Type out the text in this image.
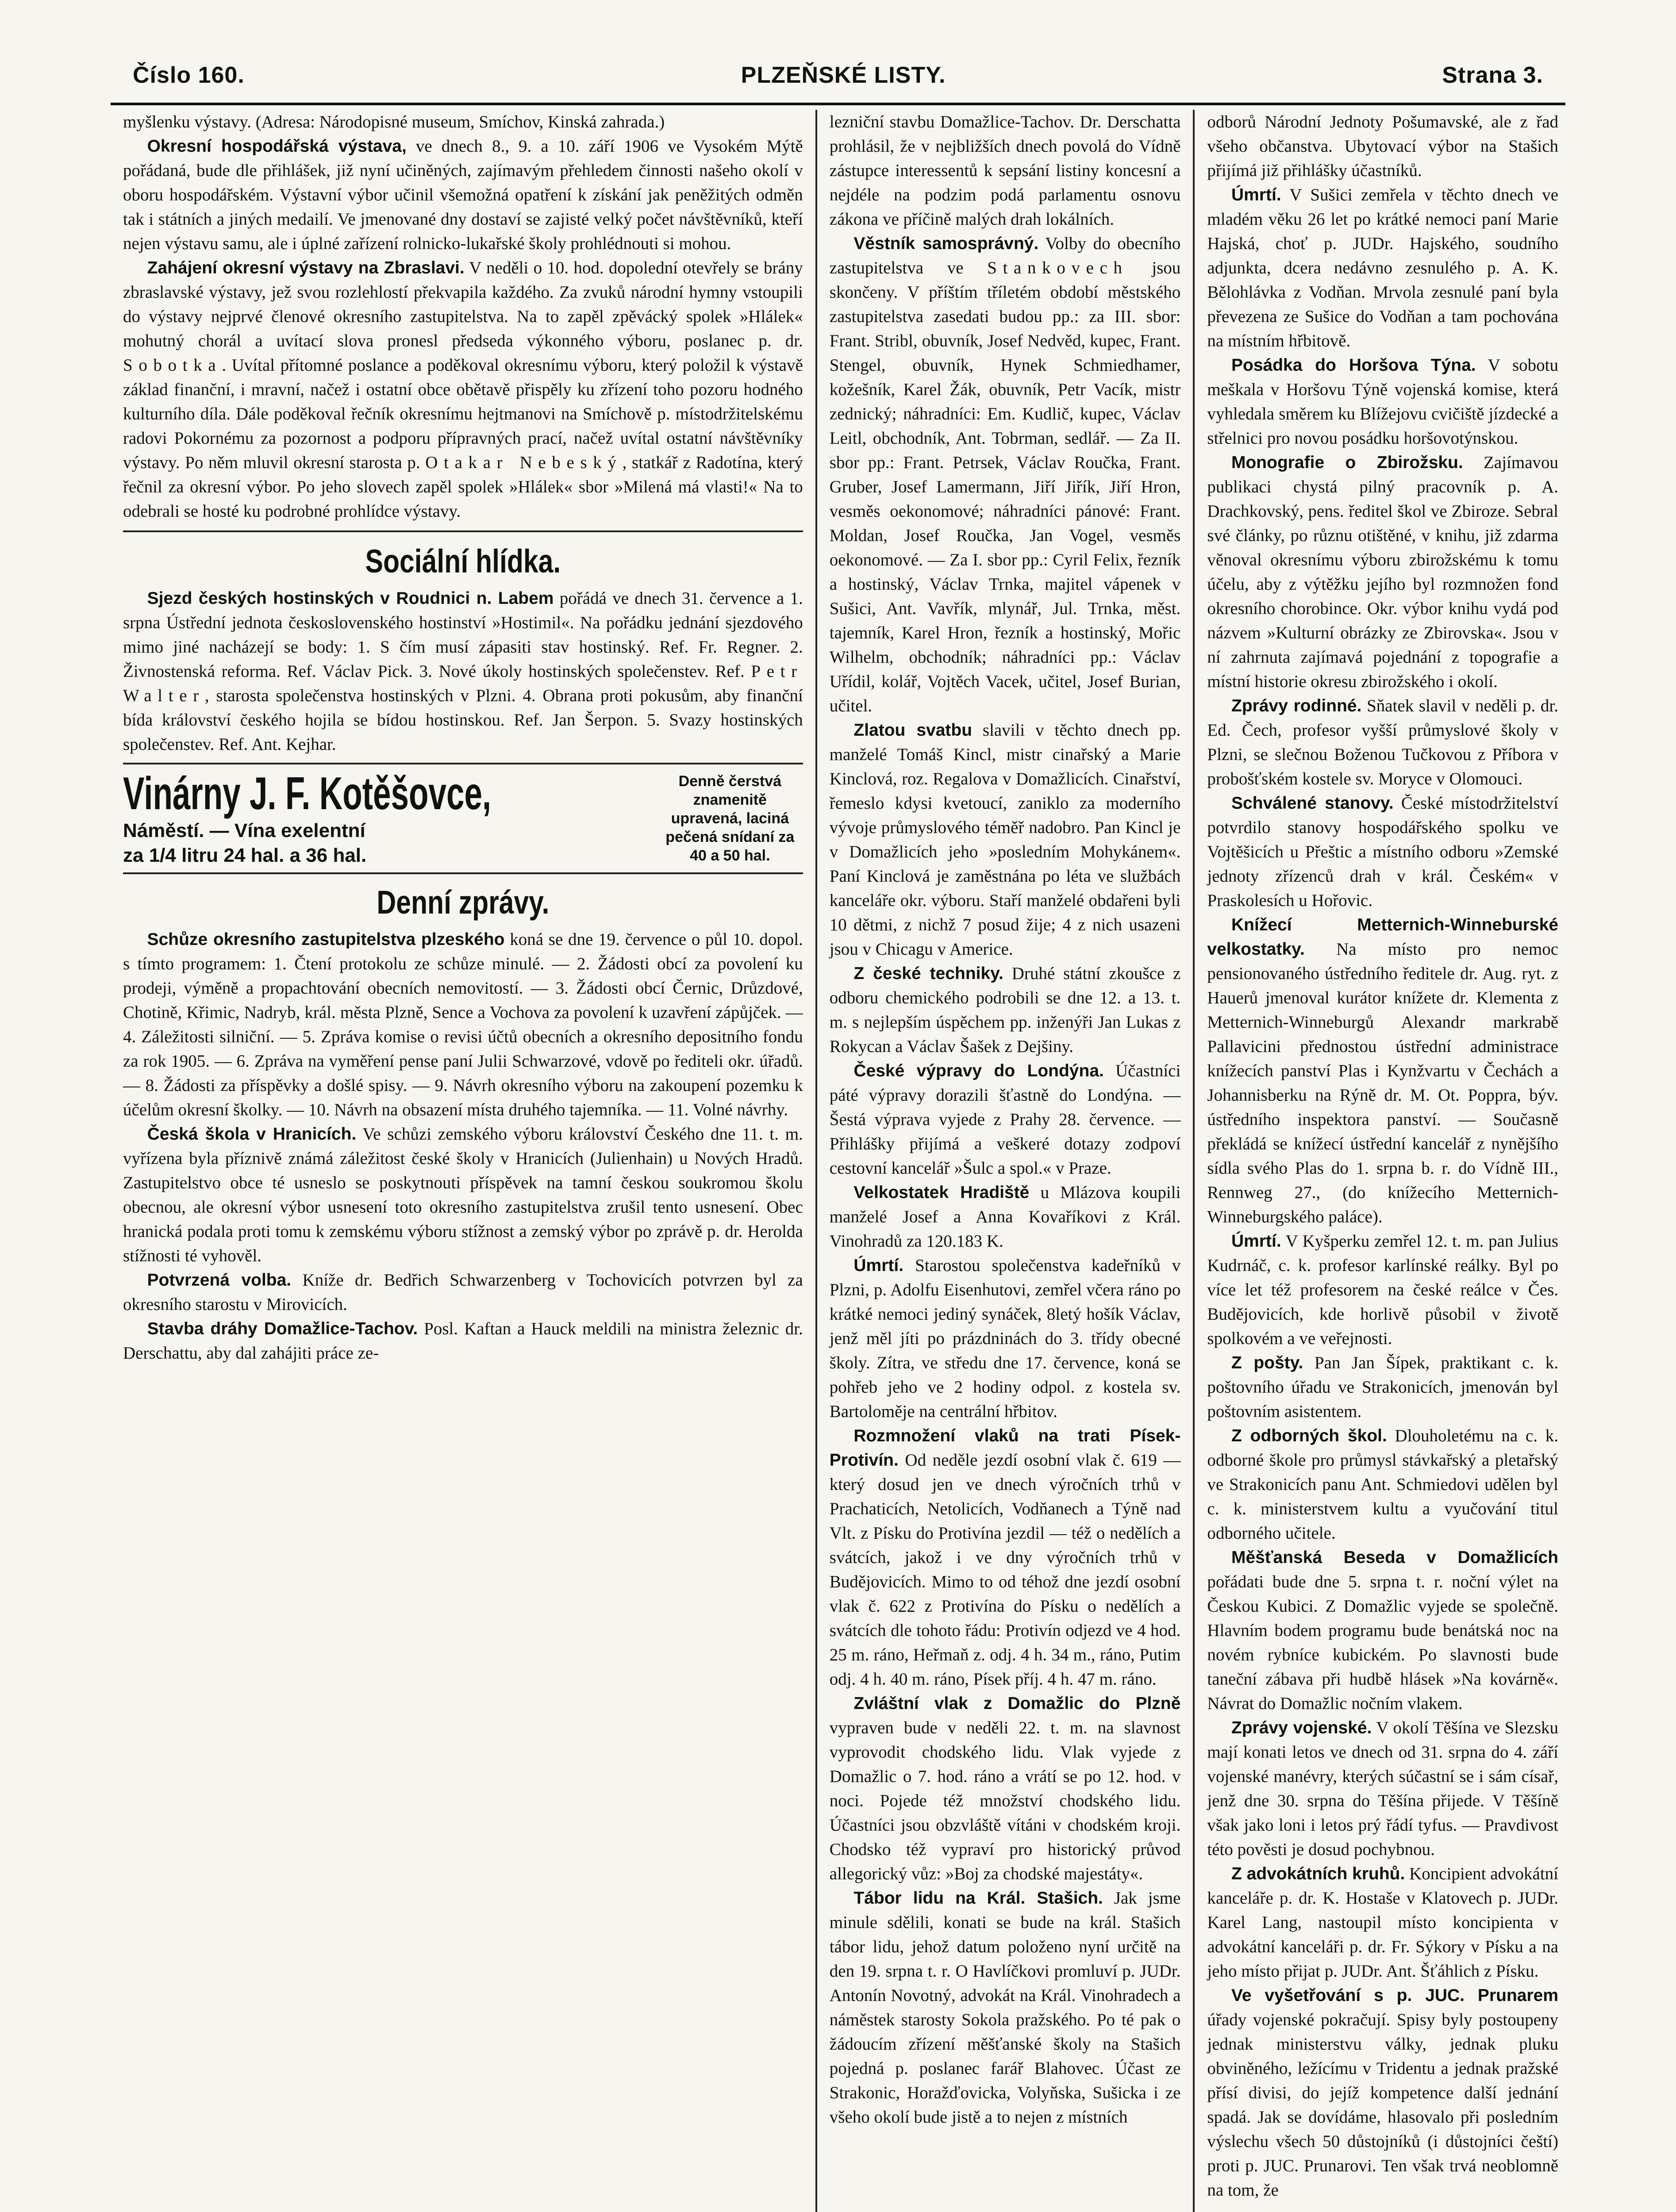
Číslo 160.	PLZEŇSKÉ LISTY.	Strana 3.

myšlenku výstavy. (Adresa: Národopisné museum, Smíchov, Kinská zahrada.)

Okresní hospodářská výstava, ve dnech 8., 9. a 10. září 1906 ve Vysokém Mýtě pořádaná, bude dle přihlášek, již nyní učiněných, zajímavým přehledem činnosti našeho okolí v oboru hospodářském. Výstavní výbor učinil všemožná opatření k získání jak peněžitých odměn tak i státních a jiných medailí. Ve jmenované dny dostaví se zajisté velký počet návštěvníků, kteří nejen výstavu samu, ale i úplné zařízení rolnicko-lukařské školy prohlédnouti si mohou.

Zahájení okresní výstavy na Zbraslavi. V neděli o 10. hod. dopolední otevřely se brány zbraslavské výstavy, jež svou rozlehlostí překvapila každého. Za zvuků národní hymny vstoupili do výstavy nejprvé členové okresního zastupitelstva. Na to zapěl zpěvácký spolek »Hlálek« mohutný chorál a uvítací slova pronesl předseda výkonného výboru, poslanec p. dr. Sobotka. Uvítal přítomné poslance a poděkoval okresnímu výboru, který položil k výstavě základ finanční, i mravní, načež i ostatní obce obětavě přispěly ku zřízení toho pozoru hodného kulturního díla. Dále poděkoval řečník okresnímu hejtmanovi na Smíchově p. místodržitelskému radovi Pokornému za pozornost a podporu přípravných prací, načež uvítal ostatní návštěvníky výstavy. Po něm mluvil okresní starosta p. Otakar Nebeský, statkář z Radotína, který řečnil za okresní výbor. Po jeho slovech zapěl spolek »Hlálek« sbor »Milená má vlasti!« Na to odebrali se hosté ku podrobné prohlídce výstavy.

Sociální hlídka.

Sjezd českých hostinských v Roudnici n. Labem pořádá ve dnech 31. července a 1. srpna Ústřední jednota československého hostinství »Hostimil«. Na pořádku jednání sjezdového mimo jiné nacházejí se body: 1. S čím musí zápasiti stav hostinský. Ref. Fr. Regner. 2. Živnostenská reforma. Ref. Václav Pick. 3. Nové úkoly hostinských společenstev. Ref. Petr Walter, starosta společenstva hostinských v Plzni. 4. Obrana proti pokusům, aby finanční bída království českého hojila se bídou hostinskou. Ref. Jan Šerpon. 5. Svazy hostinských společenstev. Ref. Ant. Kejhar.

Vinárny J. F. Kotěšovce,
Náměstí. — Vína exelentní
za 1/4 litru 24 hal. a 36 hal.
Denně čerstvá znamenitě upravená, laciná pečená snídaní za 40 a 50 hal.
Denní zprávy.

Schůze okresního zastupitelstva plzeského koná se dne 19. července o půl 10. dopol. s tímto programem: 1. Čtení protokolu ze schůze minulé. — 2. Žádosti obcí za povolení ku prodeji, výměně a propachtování obecních nemovitostí. — 3. Žádosti obcí Černic, Drůzdové, Chotině, Křimic, Nadryb, král. města Plzně, Sence a Vochova za povolení k uzavření zápůjček. — 4. Záležitosti silniční. — 5. Zpráva komise o revisi účtů obecních a okresního depositního fondu za rok 1905. — 6. Zpráva na vyměření pense paní Julii Schwarzové, vdově po řediteli okr. úřadů. — 8. Žádosti za příspěvky a došlé spisy. — 9. Návrh okresního výboru na zakoupení pozemku k účelům okresní školky. — 10. Návrh na obsazení místa druhého tajemníka. — 11. Volné návrhy.

Česká škola v Hranicích. Ve schůzi zemského výboru království Českého dne 11. t. m. vyřízena byla příznivě známá záležitost české školy v Hranicích (Julienhain) u Nových Hradů. Zastupitelstvo obce té usneslo se poskytnouti příspěvek na tamní českou soukromou školu obecnou, ale okresní výbor usnesení toto okresního zastupitelstva zrušil tento usnesení. Obec hranická podala proti tomu k zemskému výboru stížnost a zemský výbor po zprávě p. dr. Herolda stížnosti té vyhověl.

Potvrzená volba. Kníže dr. Bedřich Schwarzenberg v Tochovicích potvrzen byl za okresního starostu v Mirovicích.

Stavba dráhy Domažlice-Tachov. Posl. Kaftan a Hauck meldili na ministra železnic dr. Derschattu, aby dal zahájiti práce ze-

lezniční stavbu Domažlice-Tachov. Dr. Derschatta prohlásil, že v nejbližších dnech povolá do Vídně zástupce interessentů k sepsání listiny koncesní a nejdéle na podzim podá parlamentu osnovu zákona ve příčině malých drah lokálních.

Věstník samosprávný. Volby do obecního zastupitelstva ve Stankovech jsou skončeny. V příštím tříletém období městského zastupitelstva zasedati budou pp.: za III. sbor: Frant. Stribl, obuvník, Josef Nedvěd, kupec, Frant. Stengel, obuvník, Hynek Schmiedhamer, kožešník, Karel Žák, obuvník, Petr Vacík, mistr zednický; náhradníci: Em. Kudlič, kupec, Václav Leitl, obchodník, Ant. Tobrman, sedlář. — Za II. sbor pp.: Frant. Petrsek, Václav Roučka, Frant. Gruber, Josef Lamermann, Jiří Jiřík, Jiří Hron, vesměs oekonomové; náhradníci pánové: Frant. Moldan, Josef Roučka, Jan Vogel, vesměs oekonomové. — Za I. sbor pp.: Cyril Felix, řezník a hostinský, Václav Trnka, majitel vápenek v Sušici, Ant. Vavřík, mlynář, Jul. Trnka, měst. tajemník, Karel Hron, řezník a hostinský, Mořic Wilhelm, obchodník; náhradníci pp.: Václav Uřídil, kolář, Vojtěch Vacek, učitel, Josef Burian, učitel.

Zlatou svatbu slavili v těchto dnech pp. manželé Tomáš Kincl, mistr cinařský a Marie Kinclová, roz. Regalova v Domažlicích. Cinařství, řemeslo kdysi kvetoucí, zaniklo za moderního vývoje průmyslového téměř nadobro. Pan Kincl je v Domažlicích jeho »posledním Mohykánem«. Paní Kinclová je zaměstnána po léta ve službách kanceláře okr. výboru. Staří manželé obdařeni byli 10 dětmi, z nichž 7 posud žije; 4 z nich usazeni jsou v Chicagu v Americe.

Z české techniky. Druhé státní zkoušce z odboru chemického podrobili se dne 12. a 13. t. m. s nejlepším úspěchem pp. inženýři Jan Lukas z Rokycan a Václav Šašek z Dejšiny.

České výpravy do Londýna. Účastníci páté výpravy dorazili šťastně do Londýna. — Šestá výprava vyjede z Prahy 28. července. — Přihlášky přijímá a veškeré dotazy zodpoví cestovní kancelář »Šulc a spol.« v Praze.

Velkostatek Hradiště u Mlázova koupili manželé Josef a Anna Kovaříkovi z Král. Vinohradů za 120.183 K.

Úmrtí. Starostou společenstva kadeřníků v Plzni, p. Adolfu Eisenhutovi, zemřel včera ráno po krátké nemoci jediný synáček, 8letý hošík Václav, jenž měl jíti po prázdninách do 3. třídy obecné školy. Zítra, ve středu dne 17. července, koná se pohřeb jeho ve 2 hodiny odpol. z kostela sv. Bartoloměje na centrální hřbitov.

Rozmnožení vlaků na trati Písek-Protivín. Od neděle jezdí osobní vlak č. 619 — který dosud jen ve dnech výročních trhů v Prachaticích, Netolicích, Vodňanech a Týně nad Vlt. z Písku do Protivína jezdil — též o nedělích a svátcích, jakož i ve dny výročních trhů v Budějovicích. Mimo to od téhož dne jezdí osobní vlak č. 622 z Protivína do Písku o nedělích a svátcích dle tohoto řádu: Protivín odjezd ve 4 hod. 25 m. ráno, Heřmaň z. odj. 4 h. 34 m., ráno, Putim odj. 4 h. 40 m. ráno, Písek příj. 4 h. 47 m. ráno.

Zvláštní vlak z Domažlic do Plzně vypraven bude v neděli 22. t. m. na slavnost vyprovodit chodského lidu. Vlak vyjede z Domažlic o 7. hod. ráno a vrátí se po 12. hod. v noci. Pojede též množství chodského lidu. Účastníci jsou obzvláště vítáni v chodském kroji. Chodsko též vypraví pro historický průvod allegorický vůz: »Boj za chodské majestáty«.

Tábor lidu na Král. Stašich. Jak jsme minule sdělili, konati se bude na král. Stašich tábor lidu, jehož datum položeno nyní určitě na den 19. srpna t. r. O Havlíčkovi promluví p. JUDr. Antonín Novotný, advokát na Král. Vinohradech a náměstek starosty Sokola pražského. Po té pak o žádoucím zřízení měšťanské školy na Stašich pojedná p. poslanec farář Blahovec. Účast ze Strakonic, Horažďovicka, Volyňska, Sušicka i ze všeho okolí bude jistě a to nejen z místních

odborů Národní Jednoty Pošumavské, ale z řad všeho občanstva. Ubytovací výbor na Stašich přijímá již přihlášky účastníků.

Úmrtí. V Sušici zemřela v těchto dnech ve mladém věku 26 let po krátké nemoci paní Marie Hajská, choť p. JUDr. Hajského, soudního adjunkta, dcera nedávno zesnulého p. A. K. Bělohlávka z Vodňan. Mrvola zesnulé paní byla převezena ze Sušice do Vodňan a tam pochována na místním hřbitově.

Posádka do Horšova Týna. V sobotu meškala v Horšovu Týně vojenská komise, která vyhledala směrem ku Blížejovu cvičiště jízdecké a střelnici pro novou posádku horšovotýnskou.

Monografie o Zbirožsku. Zajímavou publikaci chystá pilný pracovník p. A. Drachkovský, pens. ředitel škol ve Zbiroze. Sebral své články, po různu otištěné, v knihu, již zdarma věnoval okresnímu výboru zbirožskému k tomu účelu, aby z výtěžku jejího byl rozmnožen fond okresního chorobince. Okr. výbor knihu vydá pod názvem »Kulturní obrázky ze Zbirovska«. Jsou v ní zahrnuta zajímavá pojednání z topografie a místní historie okresu zbirožského i okolí.

Zprávy rodinné. Sňatek slavil v neděli p. dr. Ed. Čech, profesor vyšší průmyslové školy v Plzni, se slečnou Boženou Tučkovou z Příbora v probošťském kostele sv. Moryce v Olomouci.

Schválené stanovy. České místodržitelství potvrdilo stanovy hospodářského spolku ve Vojtěšicích u Přeštic a místního odboru »Zemské jednoty zřízenců drah v král. Českém« v Praskolesích u Hořovic.

Knížecí Metternich-Winneburské velkostatky. Na místo pro nemoc pensionovaného ústředního ředitele dr. Aug. ryt. z Hauerů jmenoval kurátor knížete dr. Klementa z Metternich-Winneburgů Alexandr markrabě Pallavicini přednostou ústřední administrace knížecích panství Plas i Kynžvartu v Čechách a Johannisberku na Rýně dr. M. Ot. Poppra, býv. ústředního inspektora panství. — Současně překládá se knížecí ústřední kancelář z nynějšího sídla svého Plas do 1. srpna b. r. do Vídně III., Rennweg 27., (do knížecího Metternich-Winneburgského paláce).

Úmrtí. V Kyšperku zemřel 12. t. m. pan Julius Kudrnáč, c. k. profesor karlínské reálky. Byl po více let též profesorem na české reálce v Čes. Budějovicích, kde horlivě působil v životě spolkovém a ve veřejnosti.

Z pošty. Pan Jan Šípek, praktikant c. k. poštovního úřadu ve Strakonicích, jmenován byl poštovním asistentem.

Z odborných škol. Dlouholetému na c. k. odborné škole pro průmysl stávkařský a pletařský ve Strakonicích panu Ant. Schmiedovi udělen byl c. k. ministerstvem kultu a vyučování titul odborného učitele.

Měšťanská Beseda v Domažlicích pořádati bude dne 5. srpna t. r. noční výlet na Českou Kubici. Z Domažlic vyjede se společně. Hlavním bodem programu bude benátská noc na novém rybníce kubickém. Po slavnosti bude taneční zábava při hudbě hlásek »Na kovárně«. Návrat do Domažlic nočním vlakem.

Zprávy vojenské. V okolí Těšína ve Slezsku mají konati letos ve dnech od 31. srpna do 4. září vojenské manévry, kterých súčastní se i sám císař, jenž dne 30. srpna do Těšína přijede. V Těšíně však jako loni i letos prý řádí tyfus. — Pravdivost této pověsti je dosud pochybnou.

Z advokátních kruhů. Koncipient advokátní kanceláře p. dr. K. Hostaše v Klatovech p. JUDr. Karel Lang, nastoupil místo koncipienta v advokátní kanceláři p. dr. Fr. Sýkory v Písku a na jeho místo přijat p. JUDr. Ant. Šťáhlich z Písku.

Ve vyšetřování s p. JUC. Prunarem úřady vojenské pokračují. Spisy byly postoupeny jednak ministerstvu války, jednak pluku obviněného, ležícímu v Tridentu a jednak pražské přísí divisi, do jejíž kompetence další jednání spadá. Jak se dovídáme, hlasovalo při posledním výslechu všech 50 důstojníků (i důstojníci čeští) proti p. JUC. Prunarovi. Ten však trvá neoblomně na tom, že
